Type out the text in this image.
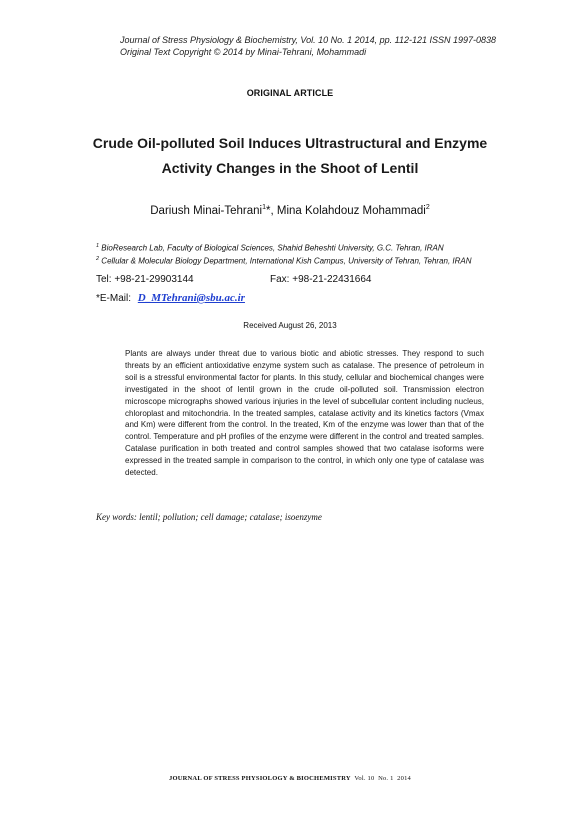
Journal of Stress Physiology & Biochemistry, Vol. 10 No. 1 2014, pp. 112-121 ISSN 1997-0838
Original Text Copyright © 2014 by Minai-Tehrani, Mohammadi
ORIGINAL ARTICLE
Crude Oil-polluted Soil Induces Ultrastructural and Enzyme
Activity Changes in the Shoot of Lentil
Dariush Minai-Tehrani$^1$*, Mina Kolahdouz Mohammadi$^2$
$^1$ BioResearch Lab, Faculty of Biological Sciences, Shahid Beheshti University, G.C. Tehran, IRAN
$^2$ Cellular & Molecular Biology Department, International Kish Campus, University of Tehran, Tehran, IRAN
Tel: +98-21-29903144	Fax: +98-21-22431664
*E-Mail: D_MTehrani@sbu.ac.ir
Received August 26, 2013
Plants are always under threat due to various biotic and abiotic stresses. They respond to such threats by an efficient antioxidative enzyme system such as catalase. The presence of petroleum in soil is a stressful environmental factor for plants. In this study, cellular and biochemical changes were investigated in the shoot of lentil grown in the crude oil-polluted soil. Transmission electron microscope micrographs showed various injuries in the level of subcellular content including nucleus, chloroplast and mitochondria. In the treated samples, catalase activity and its kinetics factors (Vmax and Km) were different from the control. In the treated, Km of the enzyme was lower than that of the control. Temperature and pH profiles of the enzyme were different in the control and treated samples. Catalase purification in both treated and control samples showed that two catalase isoforms were expressed in the treated sample in comparison to the control, in which only one type of catalase was detected.
Key words: lentil; pollution; cell damage; catalase; isoenzyme
JOURNAL OF STRESS PHYSIOLOGY & BIOCHEMISTRY  Vol. 10  No. 1  2014
